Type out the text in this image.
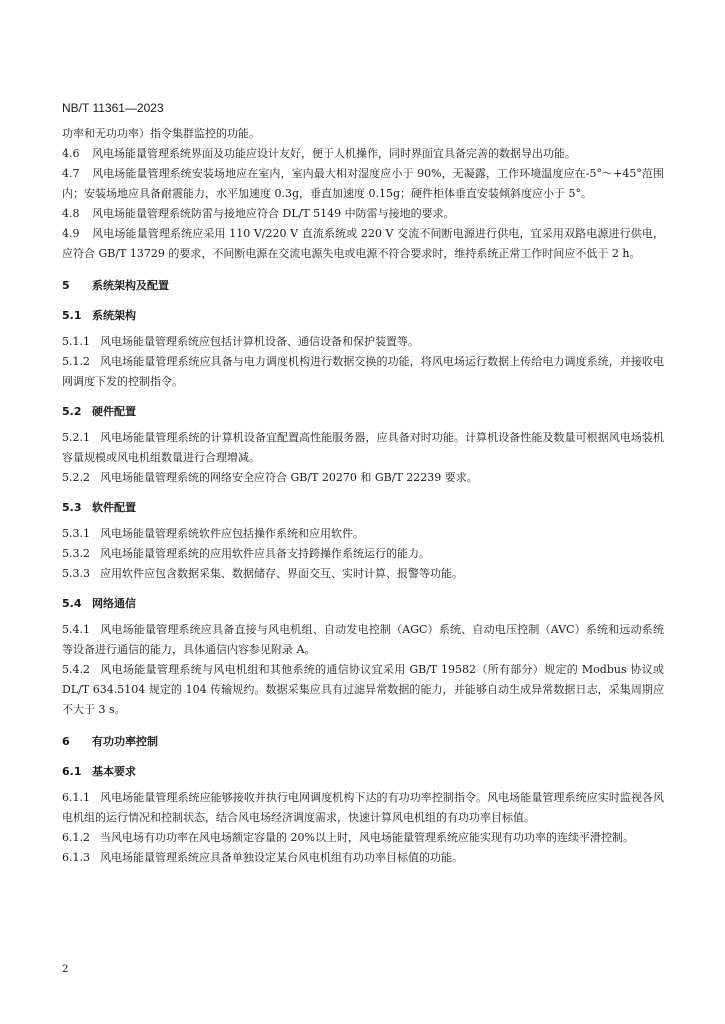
NB/T 11361—2023
功率和无功功率）指令集群监控的功能。
4.6 风电场能量管理系统界面及功能应设计友好，便于人机操作，同时界面宜具备完善的数据导出功能。
4.7 风电场能量管理系统安装场地应在室内，室内最大相对湿度应小于 90%，无凝露，工作环境温度应在-5°～+45°范围内；安装场地应具备耐震能力，水平加速度 0.3g，垂直加速度 0.15g；硬件柜体垂直安装倾斜度应小于 5°。
4.8 风电场能量管理系统防雷与接地应符合 DL/T 5149 中防雷与接地的要求。
4.9 风电场能量管理系统应采用 110 V/220 V 直流系统或 220 V 交流不间断电源进行供电，宜采用双路电源进行供电，应符合 GB/T 13729 的要求，不间断电源在交流电源失电或电源不符合要求时，维持系统正常工作时间应不低于 2 h。
5 系统架构及配置
5.1 系统架构
5.1.1 风电场能量管理系统应包括计算机设备、通信设备和保护装置等。
5.1.2 风电场能量管理系统应具备与电力调度机构进行数据交换的功能，将风电场运行数据上传给电力调度系统，并接收电网调度下发的控制指令。
5.2 硬件配置
5.2.1 风电场能量管理系统的计算机设备宜配置高性能服务器，应具备对时功能。计算机设备性能及数量可根据风电场装机容量规模或风电机组数量进行合理增减。
5.2.2 风电场能量管理系统的网络安全应符合 GB/T 20270 和 GB/T 22239 要求。
5.3 软件配置
5.3.1 风电场能量管理系统软件应包括操作系统和应用软件。
5.3.2 风电场能量管理系统的应用软件应具备支持跨操作系统运行的能力。
5.3.3 应用软件应包含数据采集、数据储存、界面交互、实时计算、报警等功能。
5.4 网络通信
5.4.1 风电场能量管理系统应具备直接与风电机组、自动发电控制（AGC）系统、自动电压控制（AVC）系统和远动系统等设备进行通信的能力，具体通信内容参见附录 A。
5.4.2 风电场能量管理系统与风电机组和其他系统的通信协议宜采用 GB/T 19582（所有部分）规定的 Modbus 协议或 DL/T 634.5104 规定的 104 传输规约。数据采集应具有过滤异常数据的能力，并能够自动生成异常数据日志，采集周期应不大于 3 s。
6 有功功率控制
6.1 基本要求
6.1.1 风电场能量管理系统应能够接收并执行电网调度机构下达的有功功率控制指令。风电场能量管理系统应实时监视各风电机组的运行情况和控制状态，结合风电场经济调度需求，快速计算风电机组的有功功率目标值。
6.1.2 当风电场有功功率在风电场额定容量的 20%以上时，风电场能量管理系统应能实现有功功率的连续平滑控制。
6.1.3 风电场能量管理系统应具备单独设定某台风电机组有功功率目标值的功能。
2
